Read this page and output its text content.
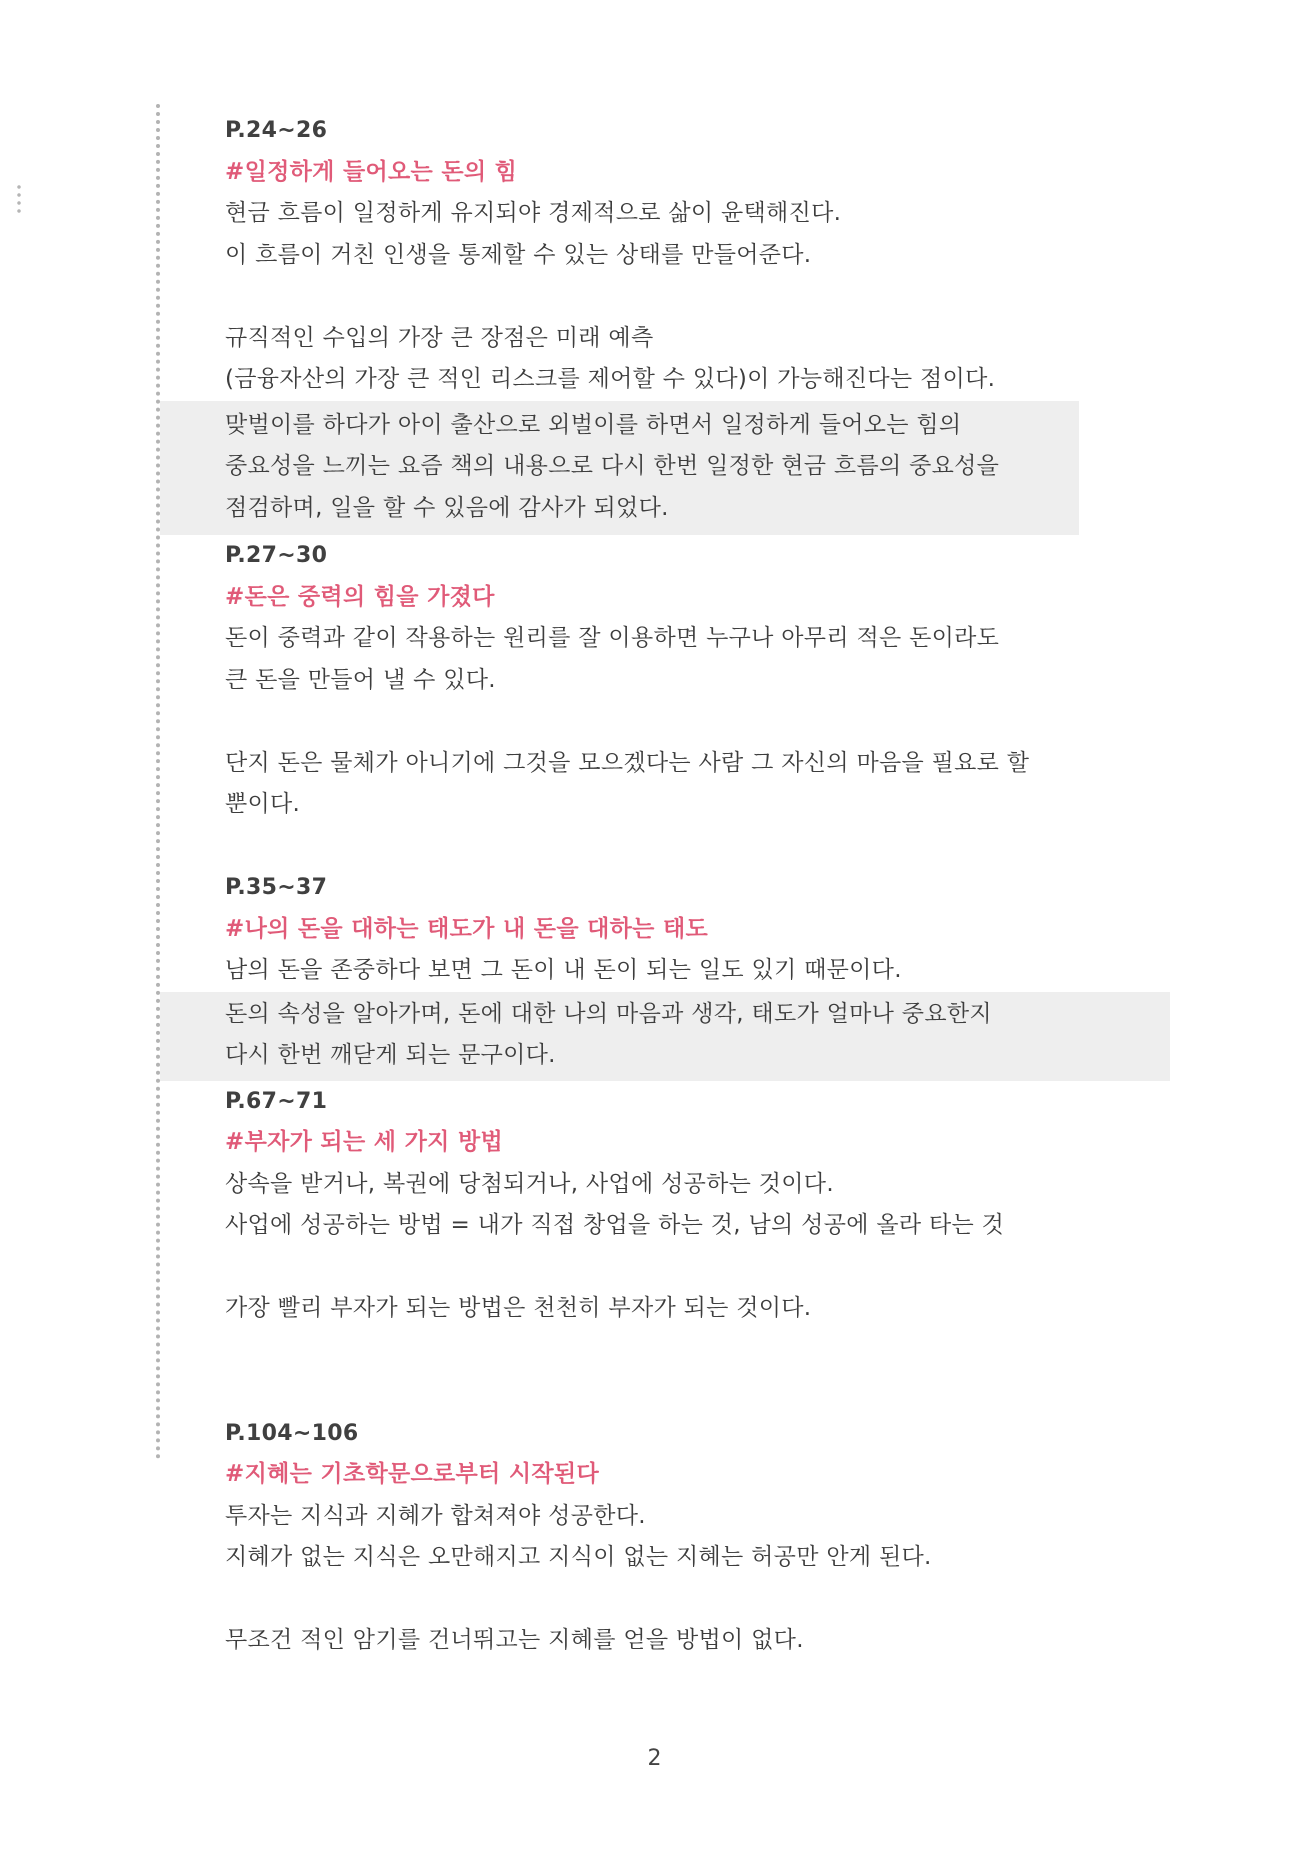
P.24~26
#일정하게 들어오는 돈의 힘
현금 흐름이 일정하게 유지되야 경제적으로 삶이 윤택해진다.
이 흐름이 거친 인생을 통제할 수 있는 상태를 만들어준다.
규직적인 수입의 가장 큰 장점은 미래 예측
(금융자산의 가장 큰 적인 리스크를 제어할 수 있다)이 가능해진다는 점이다.
맞벌이를 하다가 아이 출산으로 외벌이를 하면서 일정하게 들어오는 힘의
중요성을 느끼는 요즘 책의 내용으로 다시 한번 일정한 현금 흐름의 중요성을
점검하며, 일을 할 수 있음에 감사가 되었다.
P.27~30
#돈은 중력의 힘을 가졌다
돈이 중력과 같이 작용하는 원리를 잘 이용하면 누구나 아무리 적은 돈이라도
큰 돈을 만들어 낼 수 있다.
단지 돈은 물체가 아니기에 그것을 모으겠다는 사람 그 자신의 마음을 필요로 할
뿐이다.
P.35~37
#나의 돈을 대하는 태도가 내 돈을 대하는 태도
남의 돈을 존중하다 보면 그 돈이 내 돈이 되는 일도 있기 때문이다.
돈의 속성을 알아가며, 돈에 대한 나의 마음과 생각, 태도가 얼마나 중요한지
다시 한번 깨닫게 되는 문구이다.
P.67~71
#부자가 되는 세 가지 방법
상속을 받거나, 복권에 당첨되거나, 사업에 성공하는 것이다.
사업에 성공하는 방법 = 내가 직접 창업을 하는 것, 남의 성공에 올라 타는 것
가장 빨리 부자가 되는 방법은 천천히 부자가 되는 것이다.
P.104~106
#지혜는 기초학문으로부터 시작된다
투자는 지식과 지혜가 합쳐져야 성공한다.
지혜가 없는 지식은 오만해지고 지식이 없는 지혜는 허공만 안게 된다.
무조건 적인 암기를 건너뛰고는 지혜를 얻을 방법이 없다.
2
